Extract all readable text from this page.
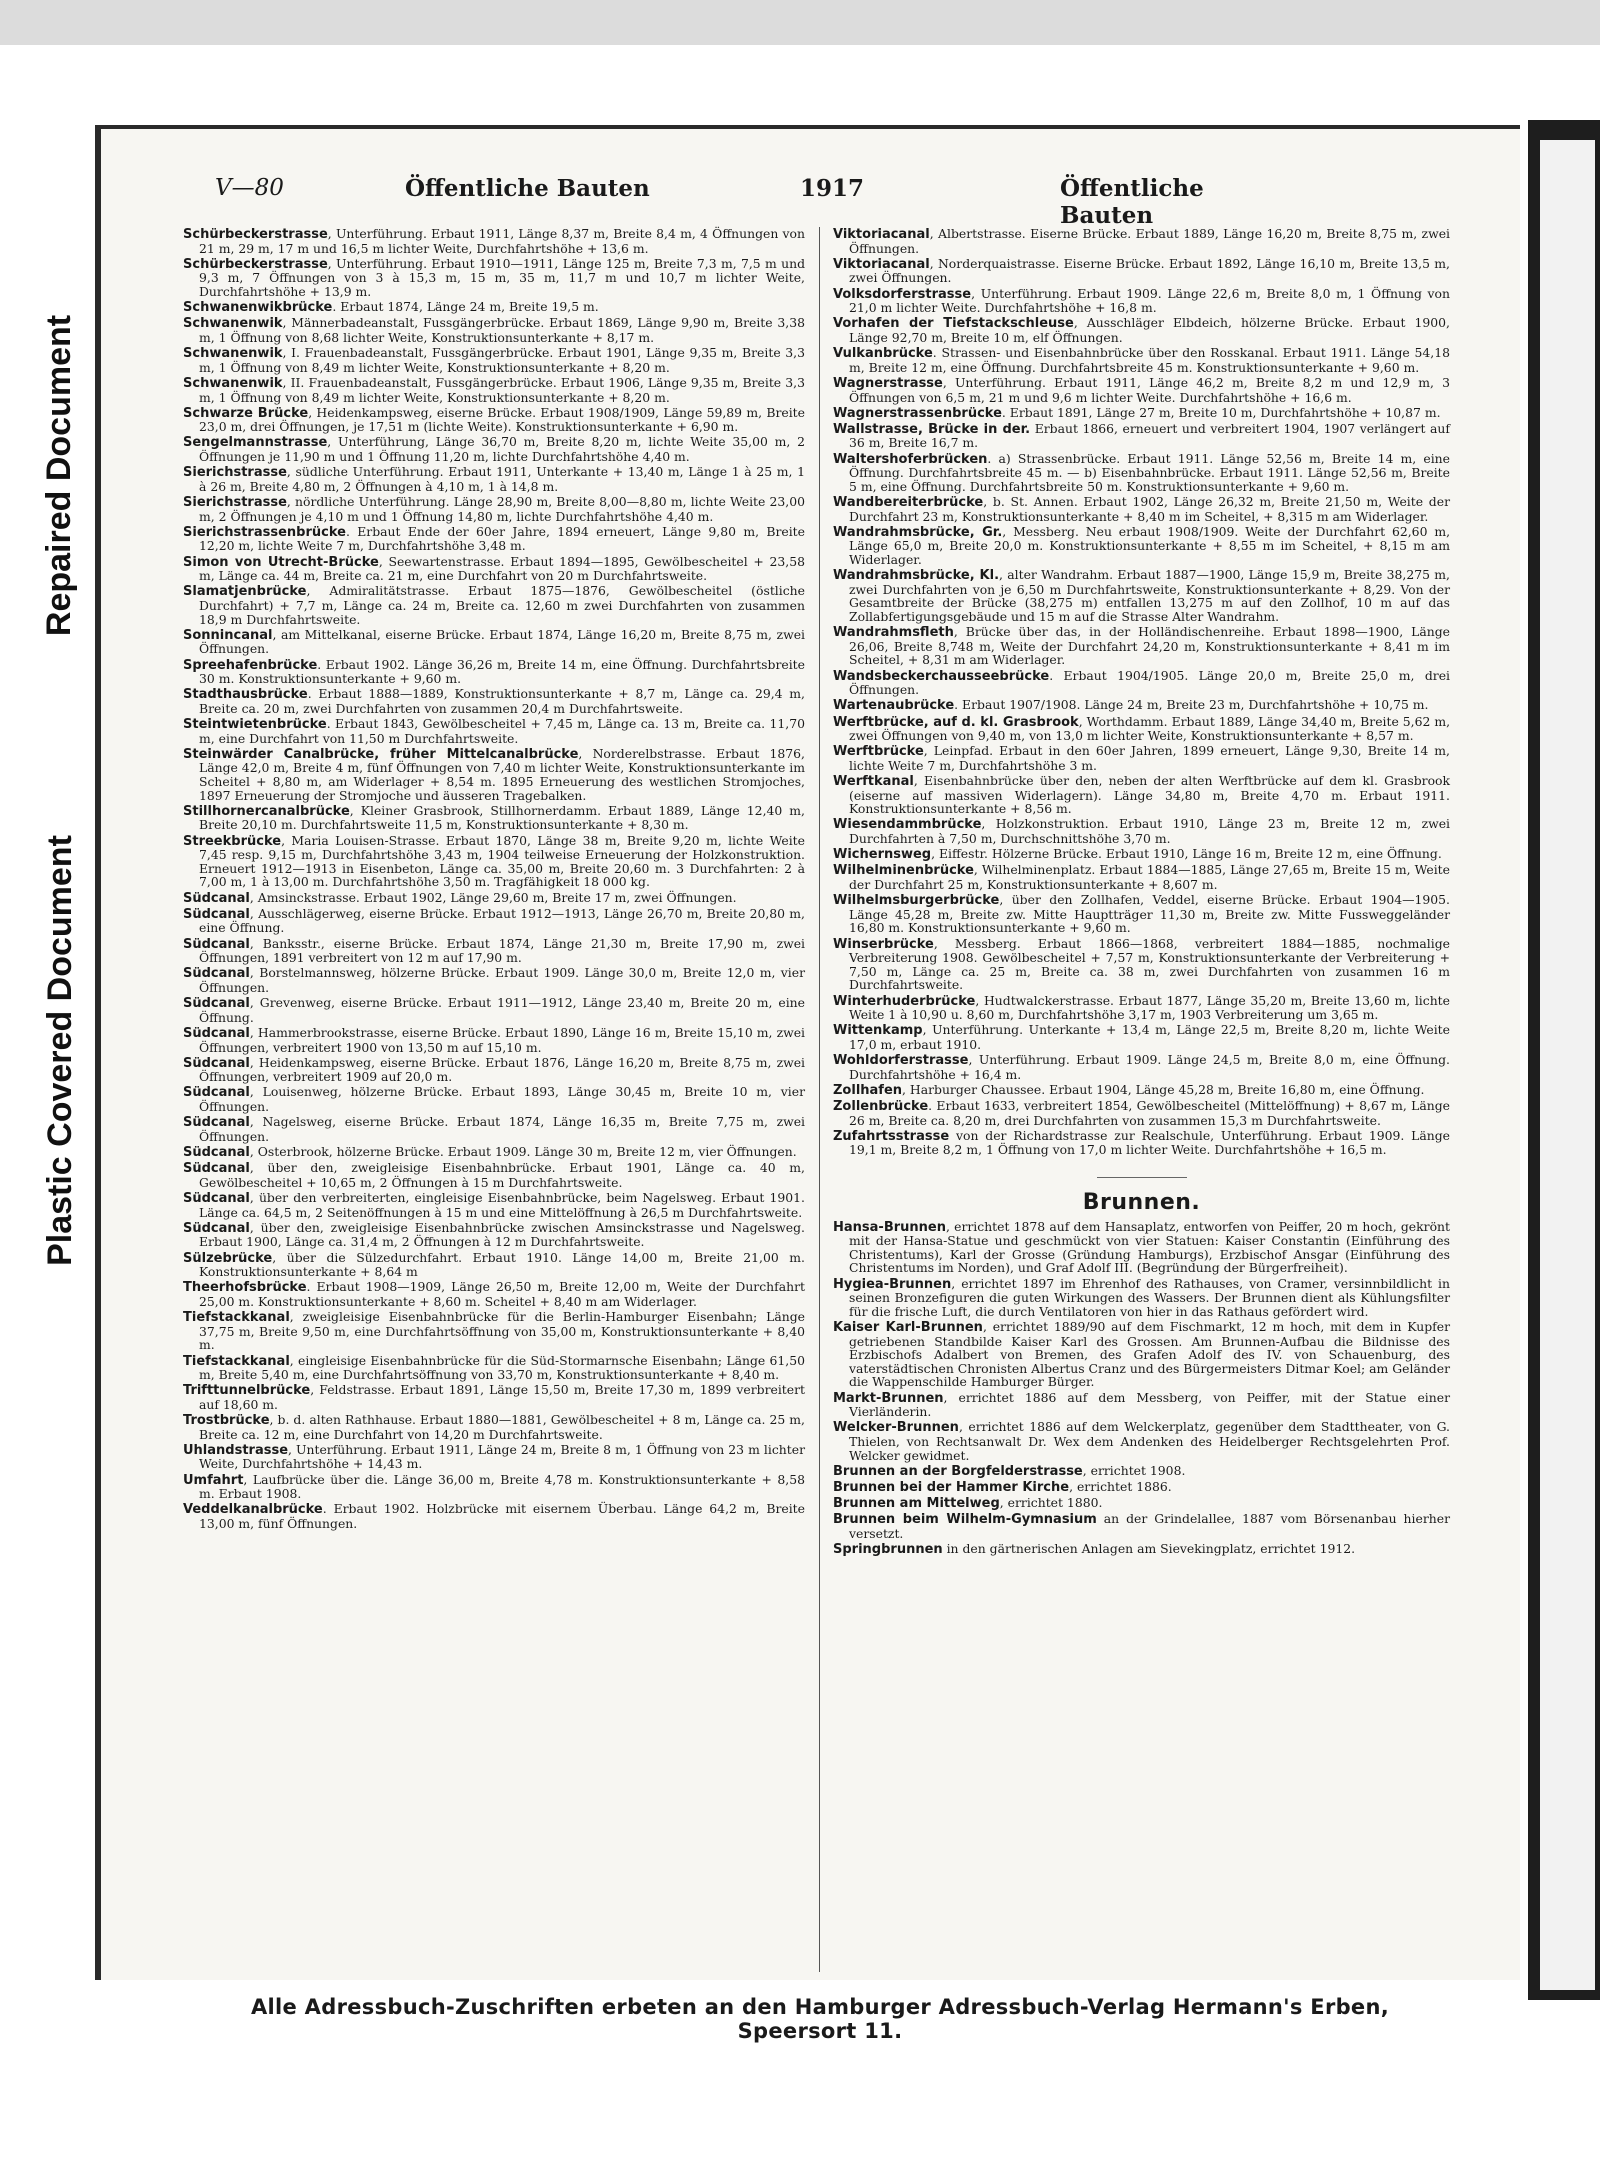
Repaired Document
Plastic Covered Document
V—80	Öffentliche Bauten	1917	Öffentliche Bauten

Schürbeckerstrasse, Unterführung. Erbaut 1911, Länge 8,37 m, Breite 8,4 m, 4 Öffnungen von 21 m, 29 m, 17 m und 16,5 m lichter Weite, Durchfahrtshöhe + 13,6 m.

Schürbeckerstrasse, Unterführung. Erbaut 1910—1911, Länge 125 m, Breite 7,3 m, 7,5 m und 9,3 m, 7 Öffnungen von 3 à 15,3 m, 15 m, 35 m, 11,7 m und 10,7 m lichter Weite, Durchfahrtshöhe + 13,9 m.

Schwanenwikbrücke. Erbaut 1874, Länge 24 m, Breite 19,5 m.

Schwanenwik, Männerbadeanstalt, Fussgängerbrücke. Erbaut 1869, Länge 9,90 m, Breite 3,38 m, 1 Öffnung von 8,68 lichter Weite, Konstruktionsunterkante + 8,17 m.

Schwanenwik, I. Frauenbadeanstalt, Fussgängerbrücke. Erbaut 1901, Länge 9,35 m, Breite 3,3 m, 1 Öffnung von 8,49 m lichter Weite, Konstruktionsunterkante + 8,20 m.

Schwanenwik, II. Frauenbadeanstalt, Fussgängerbrücke. Erbaut 1906, Länge 9,35 m, Breite 3,3 m, 1 Öffnung von 8,49 m lichter Weite, Konstruktionsunterkante + 8,20 m.

Schwarze Brücke, Heidenkampsweg, eiserne Brücke. Erbaut 1908/1909, Länge 59,89 m, Breite 23,0 m, drei Öffnungen, je 17,51 m (lichte Weite). Konstruktionsunterkante + 6,90 m.

Sengelmannstrasse, Unterführung, Länge 36,70 m, Breite 8,20 m, lichte Weite 35,00 m, 2 Öffnungen je 11,90 m und 1 Öffnung 11,20 m, lichte Durchfahrtshöhe 4,40 m.

Sierichstrasse, südliche Unterführung. Erbaut 1911, Unterkante + 13,40 m, Länge 1 à 25 m, 1 à 26 m, Breite 4,80 m, 2 Öffnungen à 4,10 m, 1 à 14,8 m.

Sierichstrasse, nördliche Unterführung. Länge 28,90 m, Breite 8,00—8,80 m, lichte Weite 23,00 m, 2 Öffnungen je 4,10 m und 1 Öffnung 14,80 m, lichte Durchfahrtshöhe 4,40 m.

Sierichstrassenbrücke. Erbaut Ende der 60er Jahre, 1894 erneuert, Länge 9,80 m, Breite 12,20 m, lichte Weite 7 m, Durchfahrtshöhe 3,48 m.

Simon von Utrecht-Brücke, Seewartenstrasse. Erbaut 1894—1895, Gewölbescheitel + 23,58 m, Länge ca. 44 m, Breite ca. 21 m, eine Durchfahrt von 20 m Durchfahrtsweite.

Slamatjenbrücke, Admiralitätstrasse. Erbaut 1875—1876, Gewölbescheitel (östliche Durchfahrt) + 7,7 m, Länge ca. 24 m, Breite ca. 12,60 m zwei Durchfahrten von zusammen 18,9 m Durchfahrtsweite.

Sonnincanal, am Mittelkanal, eiserne Brücke. Erbaut 1874, Länge 16,20 m, Breite 8,75 m, zwei Öffnungen.

Spreehafenbrücke. Erbaut 1902. Länge 36,26 m, Breite 14 m, eine Öffnung. Durchfahrtsbreite 30 m. Konstruktionsunterkante + 9,60 m.

Stadthausbrücke. Erbaut 1888—1889, Konstruktionsunterkante + 8,7 m, Länge ca. 29,4 m, Breite ca. 20 m, zwei Durchfahrten von zusammen 20,4 m Durchfahrtsweite.

Steintwietenbrücke. Erbaut 1843, Gewölbescheitel + 7,45 m, Länge ca. 13 m, Breite ca. 11,70 m, eine Durchfahrt von 11,50 m Durchfahrtsweite.

Steinwärder Canalbrücke, früher Mittelcanalbrücke, Norderelbstrasse. Erbaut 1876, Länge 42,0 m, Breite 4 m, fünf Öffnungen von 7,40 m lichter Weite, Konstruktionsunterkante im Scheitel + 8,80 m, am Widerlager + 8,54 m. 1895 Erneuerung des westlichen Stromjoches, 1897 Erneuerung der Stromjoche und äusseren Tragebalken.

Stillhornercanalbrücke, Kleiner Grasbrook, Stillhornerdamm. Erbaut 1889, Länge 12,40 m, Breite 20,10 m. Durchfahrtsweite 11,5 m, Konstruktionsunterkante + 8,30 m.

Streekbrücke, Maria Louisen-Strasse. Erbaut 1870, Länge 38 m, Breite 9,20 m, lichte Weite 7,45 resp. 9,15 m, Durchfahrtshöhe 3,43 m, 1904 teilweise Erneuerung der Holzkonstruktion. Erneuert 1912—1913 in Eisenbeton, Länge ca. 35,00 m, Breite 20,60 m. 3 Durchfahrten: 2 à 7,00 m, 1 à 13,00 m. Durchfahrtshöhe 3,50 m. Tragfähigkeit 18 000 kg.

Südcanal, Amsinckstrasse. Erbaut 1902, Länge 29,60 m, Breite 17 m, zwei Öffnungen.

Südcanal, Ausschlägerweg, eiserne Brücke. Erbaut 1912—1913, Länge 26,70 m, Breite 20,80 m, eine Öffnung.

Südcanal, Banksstr., eiserne Brücke. Erbaut 1874, Länge 21,30 m, Breite 17,90 m, zwei Öffnungen, 1891 verbreitert von 12 m auf 17,90 m.

Südcanal, Borstelmannsweg, hölzerne Brücke. Erbaut 1909. Länge 30,0 m, Breite 12,0 m, vier Öffnungen.

Südcanal, Grevenweg, eiserne Brücke. Erbaut 1911—1912, Länge 23,40 m, Breite 20 m, eine Öffnung.

Südcanal, Hammerbrookstrasse, eiserne Brücke. Erbaut 1890, Länge 16 m, Breite 15,10 m, zwei Öffnungen, verbreitert 1900 von 13,50 m auf 15,10 m.

Südcanal, Heidenkampsweg, eiserne Brücke. Erbaut 1876, Länge 16,20 m, Breite 8,75 m, zwei Öffnungen, verbreitert 1909 auf 20,0 m.

Südcanal, Louisenweg, hölzerne Brücke. Erbaut 1893, Länge 30,45 m, Breite 10 m, vier Öffnungen.

Südcanal, Nagelsweg, eiserne Brücke. Erbaut 1874, Länge 16,35 m, Breite 7,75 m, zwei Öffnungen.

Südcanal, Osterbrook, hölzerne Brücke. Erbaut 1909. Länge 30 m, Breite 12 m, vier Öffnungen.

Südcanal, über den, zweigleisige Eisenbahnbrücke. Erbaut 1901, Länge ca. 40 m, Gewölbescheitel + 10,65 m, 2 Öffnungen à 15 m Durchfahrtsweite.

Südcanal, über den verbreiterten, eingleisige Eisenbahnbrücke, beim Nagelsweg. Erbaut 1901. Länge ca. 64,5 m, 2 Seitenöffnungen à 15 m und eine Mittelöffnung à 26,5 m Durchfahrtsweite.

Südcanal, über den, zweigleisige Eisenbahnbrücke zwischen Amsinckstrasse und Nagelsweg. Erbaut 1900, Länge ca. 31,4 m, 2 Öffnungen à 12 m Durchfahrtsweite.

Sülzebrücke, über die Sülzedurchfahrt. Erbaut 1910. Länge 14,00 m, Breite 21,00 m. Konstruktionsunterkante + 8,64 m

Theerhofsbrücke. Erbaut 1908—1909, Länge 26,50 m, Breite 12,00 m, Weite der Durchfahrt 25,00 m. Konstruktionsunterkante + 8,60 m. Scheitel + 8,40 m am Widerlager.

Tiefstackkanal, zweigleisige Eisenbahnbrücke für die Berlin-Hamburger Eisenbahn; Länge 37,75 m, Breite 9,50 m, eine Durchfahrtsöffnung von 35,00 m, Konstruktionsunterkante + 8,40 m.

Tiefstackkanal, eingleisige Eisenbahnbrücke für die Süd-Stormarnsche Eisenbahn; Länge 61,50 m, Breite 5,40 m, eine Durchfahrtsöffnung von 33,70 m, Konstruktionsunterkante + 8,40 m.

Trifttunnelbrücke, Feldstrasse. Erbaut 1891, Länge 15,50 m, Breite 17,30 m, 1899 verbreitert auf 18,60 m.

Trostbrücke, b. d. alten Rathhause. Erbaut 1880—1881, Gewölbescheitel + 8 m, Länge ca. 25 m, Breite ca. 12 m, eine Durchfahrt von 14,20 m Durchfahrtsweite.

Uhlandstrasse, Unterführung. Erbaut 1911, Länge 24 m, Breite 8 m, 1 Öffnung von 23 m lichter Weite, Durchfahrtshöhe + 14,43 m.

Umfahrt, Laufbrücke über die. Länge 36,00 m, Breite 4,78 m. Konstruktionsunterkante + 8,58 m. Erbaut 1908.

Veddelkanalbrücke. Erbaut 1902. Holzbrücke mit eisernem Überbau. Länge 64,2 m, Breite 13,00 m, fünf Öffnungen.

Viktoriacanal, Albertstrasse. Eiserne Brücke. Erbaut 1889, Länge 16,20 m, Breite 8,75 m, zwei Öffnungen.

Viktoriacanal, Norderquaistrasse. Eiserne Brücke. Erbaut 1892, Länge 16,10 m, Breite 13,5 m, zwei Öffnungen.

Volksdorferstrasse, Unterführung. Erbaut 1909. Länge 22,6 m, Breite 8,0 m, 1 Öffnung von 21,0 m lichter Weite. Durchfahrtshöhe + 16,8 m.

Vorhafen der Tiefstackschleuse, Ausschläger Elbdeich, hölzerne Brücke. Erbaut 1900, Länge 92,70 m, Breite 10 m, elf Öffnungen.

Vulkanbrücke. Strassen- und Eisenbahnbrücke über den Rosskanal. Erbaut 1911. Länge 54,18 m, Breite 12 m, eine Öffnung. Durchfahrtsbreite 45 m. Konstruktionsunterkante + 9,60 m.

Wagnerstrasse, Unterführung. Erbaut 1911, Länge 46,2 m, Breite 8,2 m und 12,9 m, 3 Öffnungen von 6,5 m, 21 m und 9,6 m lichter Weite. Durchfahrtshöhe + 16,6 m.

Wagnerstrassenbrücke. Erbaut 1891, Länge 27 m, Breite 10 m, Durchfahrtshöhe + 10,87 m.

Wallstrasse, Brücke in der. Erbaut 1866, erneuert und verbreitert 1904, 1907 verlängert auf 36 m, Breite 16,7 m.

Waltershoferbrücken. a) Strassenbrücke. Erbaut 1911. Länge 52,56 m, Breite 14 m, eine Öffnung. Durchfahrtsbreite 45 m. — b) Eisenbahnbrücke. Erbaut 1911. Länge 52,56 m, Breite 5 m, eine Öffnung. Durchfahrtsbreite 50 m. Konstruktionsunterkante + 9,60 m.

Wandbereiterbrücke, b. St. Annen. Erbaut 1902, Länge 26,32 m, Breite 21,50 m, Weite der Durchfahrt 23 m, Konstruktionsunterkante + 8,40 m im Scheitel, + 8,315 m am Widerlager.

Wandrahmsbrücke, Gr., Messberg. Neu erbaut 1908/1909. Weite der Durchfahrt 62,60 m, Länge 65,0 m, Breite 20,0 m. Konstruktionsunterkante + 8,55 m im Scheitel, + 8,15 m am Widerlager.

Wandrahmsbrücke, Kl., alter Wandrahm. Erbaut 1887—1900, Länge 15,9 m, Breite 38,275 m, zwei Durchfahrten von je 6,50 m Durchfahrtsweite, Konstruktionsunterkante + 8,29. Von der Gesamtbreite der Brücke (38,275 m) entfallen 13,275 m auf den Zollhof, 10 m auf das Zollabfertigungsgebäude und 15 m auf die Strasse Alter Wandrahm.

Wandrahmsfleth, Brücke über das, in der Holländischenreihe. Erbaut 1898—1900, Länge 26,06, Breite 8,748 m, Weite der Durchfahrt 24,20 m, Konstruktionsunterkante + 8,41 m im Scheitel, + 8,31 m am Widerlager.

Wandsbeckerchausseebrücke. Erbaut 1904/1905. Länge 20,0 m, Breite 25,0 m, drei Öffnungen.

Wartenaubrücke. Erbaut 1907/1908. Länge 24 m, Breite 23 m, Durchfahrtshöhe + 10,75 m.

Werftbrücke, auf d. kl. Grasbrook, Worthdamm. Erbaut 1889, Länge 34,40 m, Breite 5,62 m, zwei Öffnungen von 9,40 m, von 13,0 m lichter Weite, Konstruktionsunterkante + 8,57 m.

Werftbrücke, Leinpfad. Erbaut in den 60er Jahren, 1899 erneuert, Länge 9,30, Breite 14 m, lichte Weite 7 m, Durchfahrtshöhe 3 m.

Werftkanal, Eisenbahnbrücke über den, neben der alten Werftbrücke auf dem kl. Grasbrook (eiserne auf massiven Widerlagern). Länge 34,80 m, Breite 4,70 m. Erbaut 1911. Konstruktionsunterkante + 8,56 m.

Wiesendammbrücke, Holzkonstruktion. Erbaut 1910, Länge 23 m, Breite 12 m, zwei Durchfahrten à 7,50 m, Durchschnittshöhe 3,70 m.

Wichernsweg, Eiffestr. Hölzerne Brücke. Erbaut 1910, Länge 16 m, Breite 12 m, eine Öffnung.

Wilhelminenbrücke, Wilhelminenplatz. Erbaut 1884—1885, Länge 27,65 m, Breite 15 m, Weite der Durchfahrt 25 m, Konstruktionsunterkante + 8,607 m.

Wilhelmsburgerbrücke, über den Zollhafen, Veddel, eiserne Brücke. Erbaut 1904—1905. Länge 45,28 m, Breite zw. Mitte Hauptträger 11,30 m, Breite zw. Mitte Fussweggeländer 16,80 m. Konstruktionsunterkante + 9,60 m.

Winserbrücke, Messberg. Erbaut 1866—1868, verbreitert 1884—1885, nochmalige Verbreiterung 1908. Gewölbescheitel + 7,57 m, Konstruktionsunterkante der Verbreiterung + 7,50 m, Länge ca. 25 m, Breite ca. 38 m, zwei Durchfahrten von zusammen 16 m Durchfahrtsweite.

Winterhuderbrücke, Hudtwalckerstrasse. Erbaut 1877, Länge 35,20 m, Breite 13,60 m, lichte Weite 1 à 10,90 u. 8,60 m, Durchfahrtshöhe 3,17 m, 1903 Verbreiterung um 3,65 m.

Wittenkamp, Unterführung. Unterkante + 13,4 m, Länge 22,5 m, Breite 8,20 m, lichte Weite 17,0 m, erbaut 1910.

Wohldorferstrasse, Unterführung. Erbaut 1909. Länge 24,5 m, Breite 8,0 m, eine Öffnung. Durchfahrtshöhe + 16,4 m.

Zollhafen, Harburger Chaussee. Erbaut 1904, Länge 45,28 m, Breite 16,80 m, eine Öffnung.

Zollenbrücke. Erbaut 1633, verbreitert 1854, Gewölbescheitel (Mittelöffnung) + 8,67 m, Länge 26 m, Breite ca. 8,20 m, drei Durchfahrten von zusammen 15,3 m Durchfahrtsweite.

Zufahrtsstrasse von der Richardstrasse zur Realschule, Unterführung. Erbaut 1909. Länge 19,1 m, Breite 8,2 m, 1 Öffnung von 17,0 m lichter Weite. Durchfahrtshöhe + 16,5 m.

Brunnen.

Hansa-Brunnen, errichtet 1878 auf dem Hansaplatz, entworfen von Peiffer, 20 m hoch, gekrönt mit der Hansa-Statue und geschmückt von vier Statuen: Kaiser Constantin (Einführung des Christentums), Karl der Grosse (Gründung Hamburgs), Erzbischof Ansgar (Einführung des Christentums im Norden), und Graf Adolf III. (Begründung der Bürgerfreiheit).

Hygiea-Brunnen, errichtet 1897 im Ehrenhof des Rathauses, von Cramer, versinnbildlicht in seinen Bronzefiguren die guten Wirkungen des Wassers. Der Brunnen dient als Kühlungsfilter für die frische Luft, die durch Ventilatoren von hier in das Rathaus gefördert wird.

Kaiser Karl-Brunnen, errichtet 1889/90 auf dem Fischmarkt, 12 m hoch, mit dem in Kupfer getriebenen Standbilde Kaiser Karl des Grossen. Am Brunnen-Aufbau die Bildnisse des Erzbischofs Adalbert von Bremen, des Grafen Adolf des IV. von Schauenburg, des vaterstädtischen Chronisten Albertus Cranz und des Bürgermeisters Ditmar Koel; am Geländer die Wappenschilde Hamburger Bürger.

Markt-Brunnen, errichtet 1886 auf dem Messberg, von Peiffer, mit der Statue einer Vierländerin.

Welcker-Brunnen, errichtet 1886 auf dem Welckerplatz, gegenüber dem Stadttheater, von G. Thielen, von Rechtsanwalt Dr. Wex dem Andenken des Heidelberger Rechtsgelehrten Prof. Welcker gewidmet.

Brunnen an der Borgfelderstrasse, errichtet 1908.

Brunnen bei der Hammer Kirche, errichtet 1886.

Brunnen am Mittelweg, errichtet 1880.

Brunnen beim Wilhelm-Gymnasium an der Grindelallee, 1887 vom Börsenanbau hierher versetzt.

Springbrunnen in den gärtnerischen Anlagen am Sievekingplatz, errichtet 1912.

Alle Adressbuch-Zuschriften erbeten an den Hamburger Adressbuch-Verlag Hermann's Erben, Speersort 11.
